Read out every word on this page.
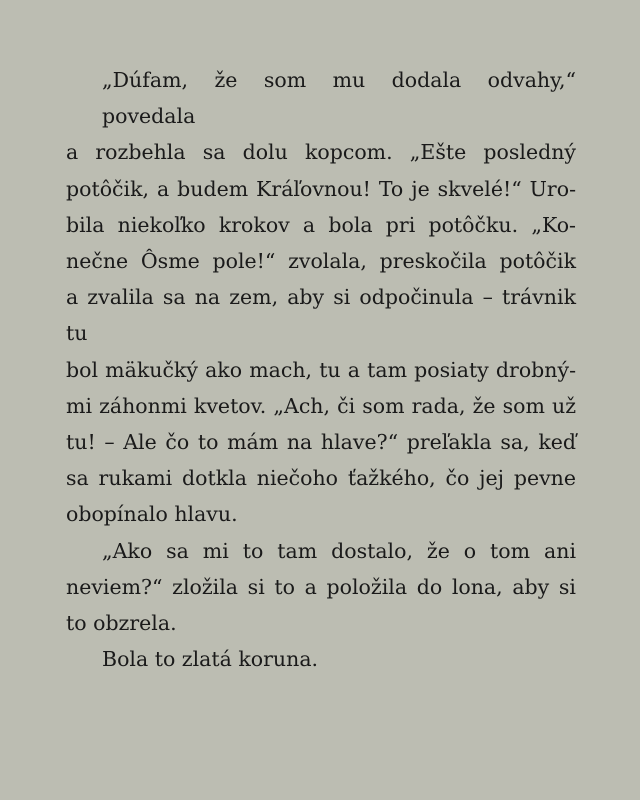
„Dúfam, že som mu dodala odvahy,“ povedala
a rozbehla sa dolu kopcom. „Ešte posledný
potôčik, a budem Kráľovnou! To je skvelé!“ Uro-
bila niekoľko krokov a bola pri potôčku. „Ko-
nečne Ôsme pole!“ zvolala, preskočila potôčik
a zvalila sa na zem, aby si odpočinula – trávnik tu
bol mäkučký ako mach, tu a tam posiaty drobný-
mi záhonmi kvetov. „Ach, či som rada, že som už
tu! – Ale čo to mám na hlave?“ preľakla sa, keď
sa rukami dotkla niečoho ťažkého, čo jej pevne
obopínalo hlavu.
„Ako sa mi to tam dostalo, že o tom ani
neviem?“ zložila si to a položila do lona, aby si
to obzrela.
Bola to zlatá koruna.
